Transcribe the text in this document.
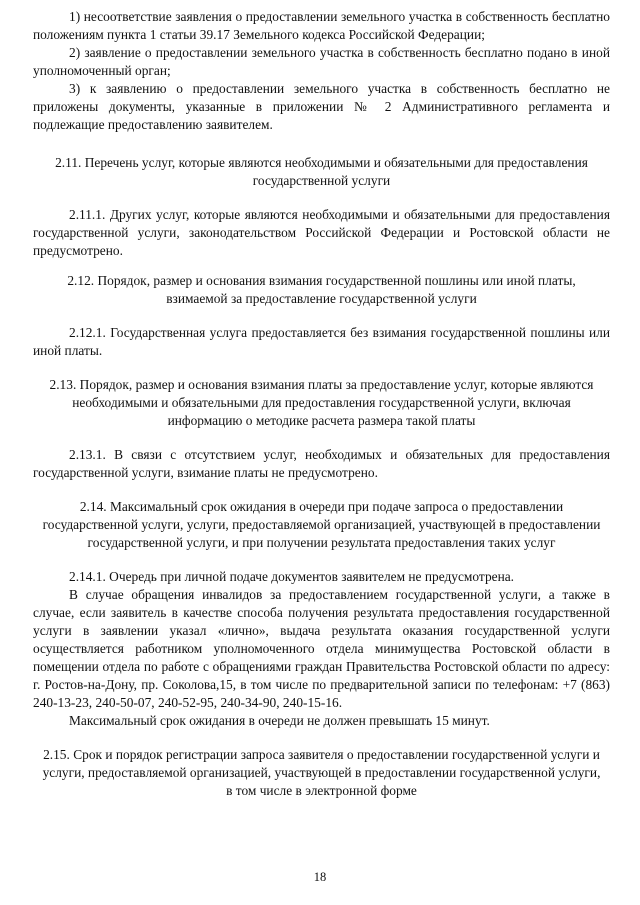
1) несоответствие заявления о предоставлении земельного участка в собственность бесплатно положениям пункта 1 статьи 39.17 Земельного кодекса Российской Федерации;

2) заявление о предоставлении земельного участка в собственность бесплатно подано в иной уполномоченный орган;

3) к заявлению о предоставлении земельного участка в собственность бесплатно не приложены документы, указанные в приложении № 2 Административного регламента и подлежащие предоставлению заявителем.

2.11. Перечень услуг, которые являются необходимыми и обязательными для предоставления государственной услуги

2.11.1. Других услуг, которые являются необходимыми и обязательными для предоставления государственной услуги, законодательством Российской Федерации и Ростовской области не предусмотрено.

2.12. Порядок, размер и основания взимания государственной пошлины или иной платы, взимаемой за предоставление государственной услуги

2.12.1. Государственная услуга предоставляется без взимания государственной пошлины или иной платы.

2.13. Порядок, размер и основания взимания платы за предоставление услуг, которые являются необходимыми и обязательными для предоставления государственной услуги, включая информацию о методике расчета размера такой платы

2.13.1. В связи с отсутствием услуг, необходимых и обязательных для предоставления государственной услуги, взимание платы не предусмотрено.

2.14. Максимальный срок ожидания в очереди при подаче запроса о предоставлении государственной услуги, услуги, предоставляемой организацией, участвующей в предоставлении государственной услуги, и при получении результата предоставления таких услуг

2.14.1. Очередь при личной подаче документов заявителем не предусмотрена.

В случае обращения инвалидов за предоставлением государственной услуги, а также в случае, если заявитель в качестве способа получения результата предоставления государственной услуги в заявлении указал «лично», выдача результата оказания государственной услуги осуществляется работником уполномоченного отдела минимущества Ростовской области в помещении отдела по работе с обращениями граждан Правительства Ростовской области по адресу: г. Ростов-на-Дону, пр. Соколова,15, в том числе по предварительной записи по телефонам: +7 (863) 240-13-23, 240-50-07, 240-52-95, 240-34-90, 240-15-16.

Максимальный срок ожидания в очереди не должен превышать 15 минут.

2.15. Срок и порядок регистрации запроса заявителя о предоставлении государственной услуги и услуги, предоставляемой организацией, участвующей в предоставлении государственной услуги, в том числе в электронной форме

18
